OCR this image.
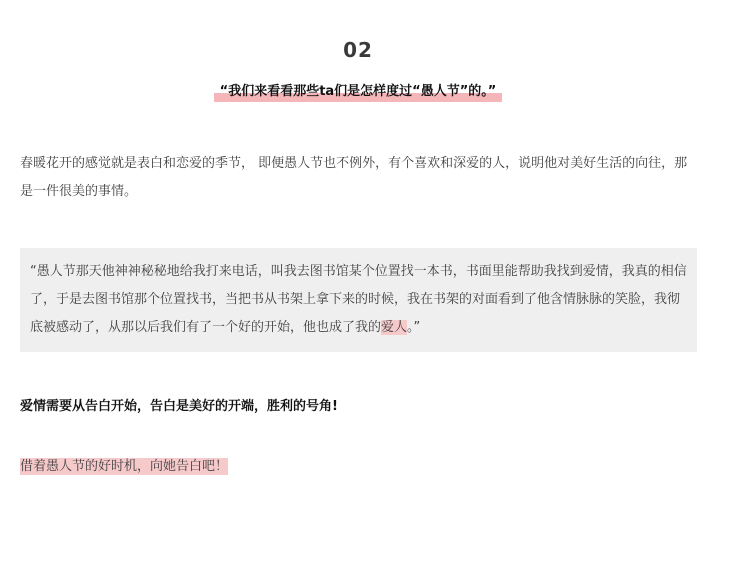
02
“我们来看看那些ta们是怎样度过“愚人节”的。”

春暖花开的感觉就是表白和恋爱的季节， 即便愚人节也不例外，有个喜欢和深爱的人，说明他对美好生活的向往，那是一件很美的事情。

“愚人节那天他神神秘秘地给我打来电话，叫我去图书馆某个位置找一本书，书面里能帮助我找到爱情，我真的相信了，于是去图书馆那个位置找书，当把书从书架上拿下来的时候，我在书架的对面看到了他含情脉脉的笑脸，我彻底被感动了，从那以后我们有了一个好的开始，他也成了我的爱人。”

爱情需要从告白开始，告白是美好的开端，胜利的号角!

借着愚人节的好时机，向她告白吧！
